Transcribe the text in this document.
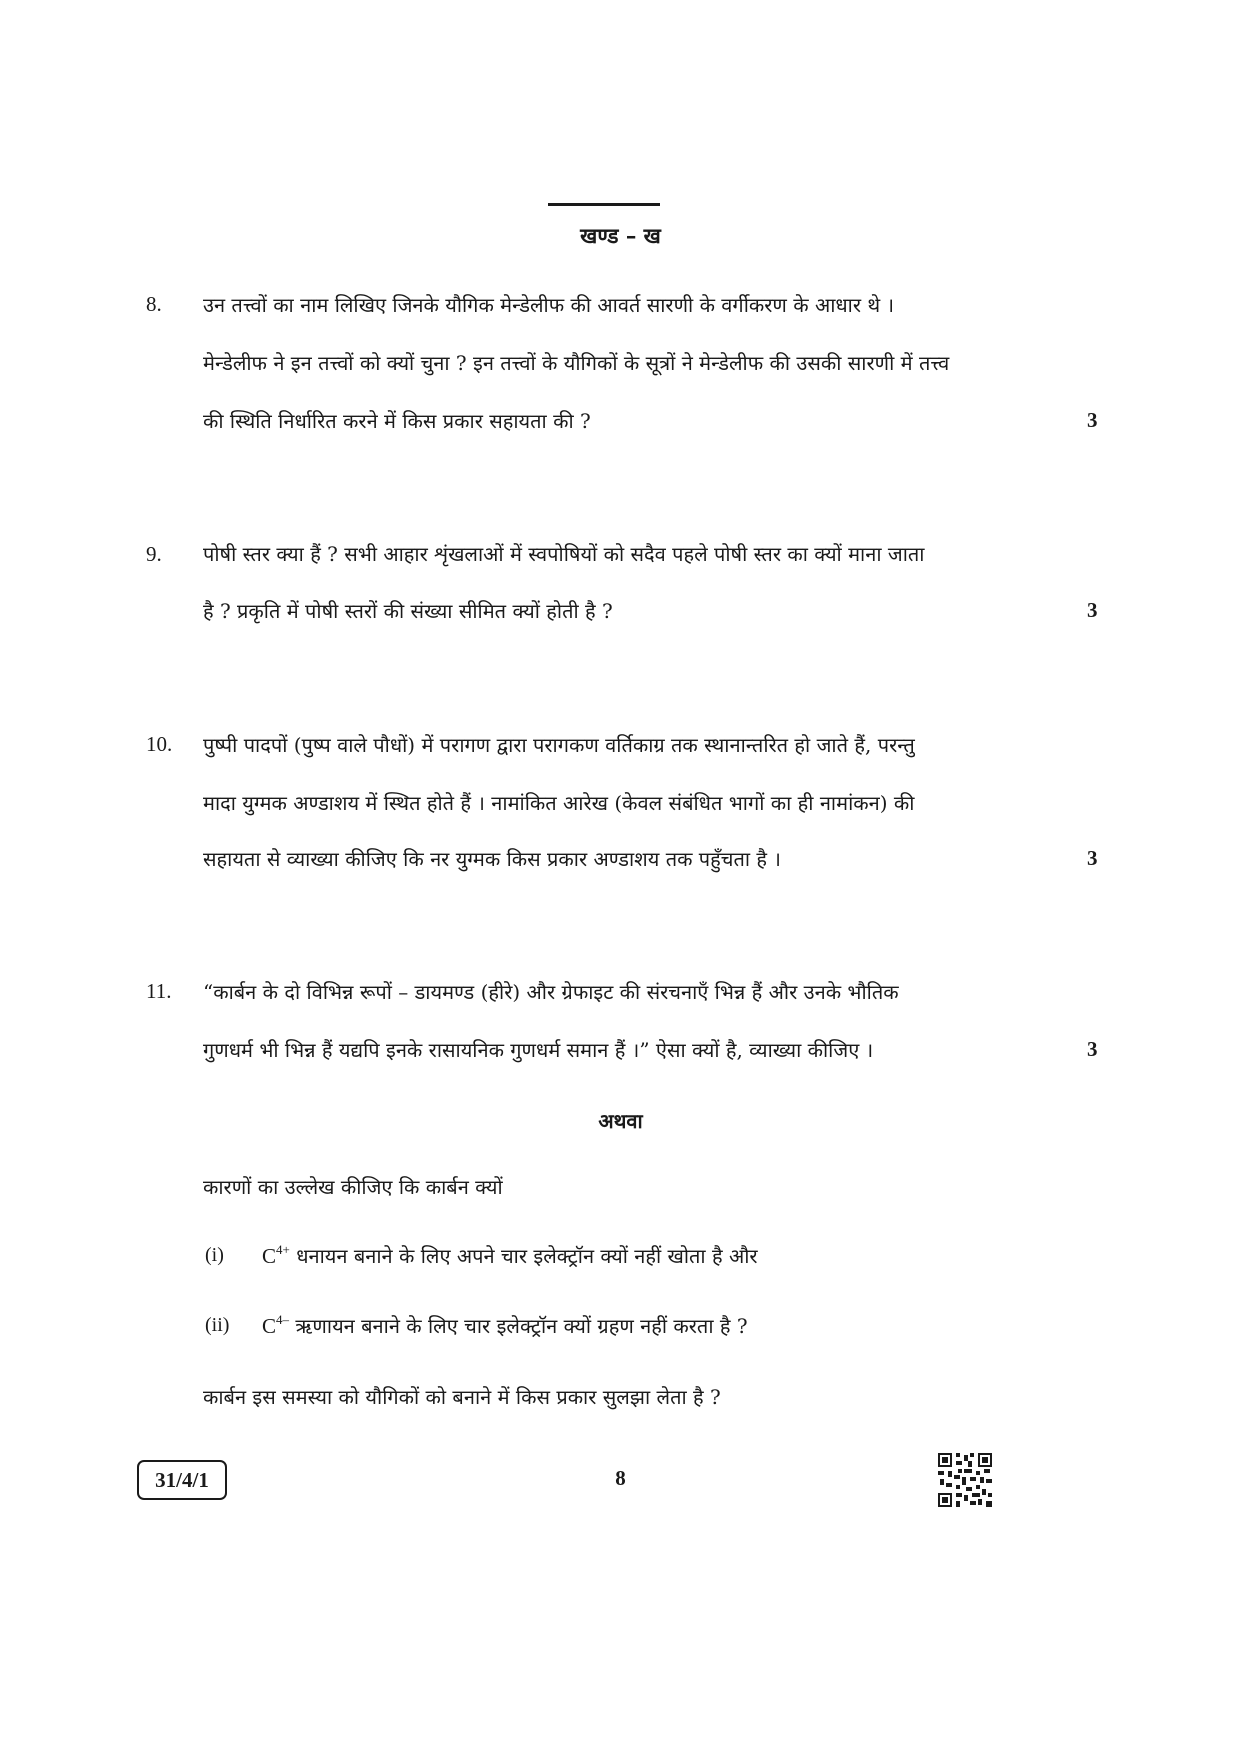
खण्ड – ख
8. उन तत्त्वों का नाम लिखिए जिनके यौगिक मेन्डेलीफ की आवर्त सारणी के वर्गीकरण के आधार थे ।
मेन्डेलीफ ने इन तत्त्वों को क्यों चुना ? इन तत्त्वों के यौगिकों के सूत्रों ने मेन्डेलीफ की उसकी सारणी में तत्त्व
की स्थिति निर्धारित करने में किस प्रकार सहायता की ?	3
9. पोषी स्तर क्या हैं ? सभी आहार शृंखलाओं में स्वपोषियों को सदैव पहले पोषी स्तर का क्यों माना जाता
है ? प्रकृति में पोषी स्तरों की संख्या सीमित क्यों होती है ?	3
10. पुष्पी पादपों (पुष्प वाले पौधों) में परागण द्वारा परागकण वर्तिकाग्र तक स्थानान्तरित हो जाते हैं, परन्तु
मादा युग्मक अण्डाशय में स्थित होते हैं । नामांकित आरेख (केवल संबंधित भागों का ही नामांकन) की
सहायता से व्याख्या कीजिए कि नर युग्मक किस प्रकार अण्डाशय तक पहुँचता है ।	3
11. “कार्बन के दो विभिन्न रूपों – डायमण्ड (हीरे) और ग्रेफाइट की संरचनाएँ भिन्न हैं और उनके भौतिक
गुणधर्म भी भिन्न हैं यद्यपि इनके रासायनिक गुणधर्म समान हैं ।” ऐसा क्यों है, व्याख्या कीजिए ।	3
अथवा
कारणों का उल्लेख कीजिए कि कार्बन क्यों
(i) $C^{4+}$ धनायन बनाने के लिए अपने चार इलेक्ट्रॉन क्यों नहीं खोता है और
(ii) $C^{4-}$ ऋणायन बनाने के लिए चार इलेक्ट्रॉन क्यों ग्रहण नहीं करता है ?
कार्बन इस समस्या को यौगिकों को बनाने में किस प्रकार सुलझा लेता है ?
31/4/1	8
